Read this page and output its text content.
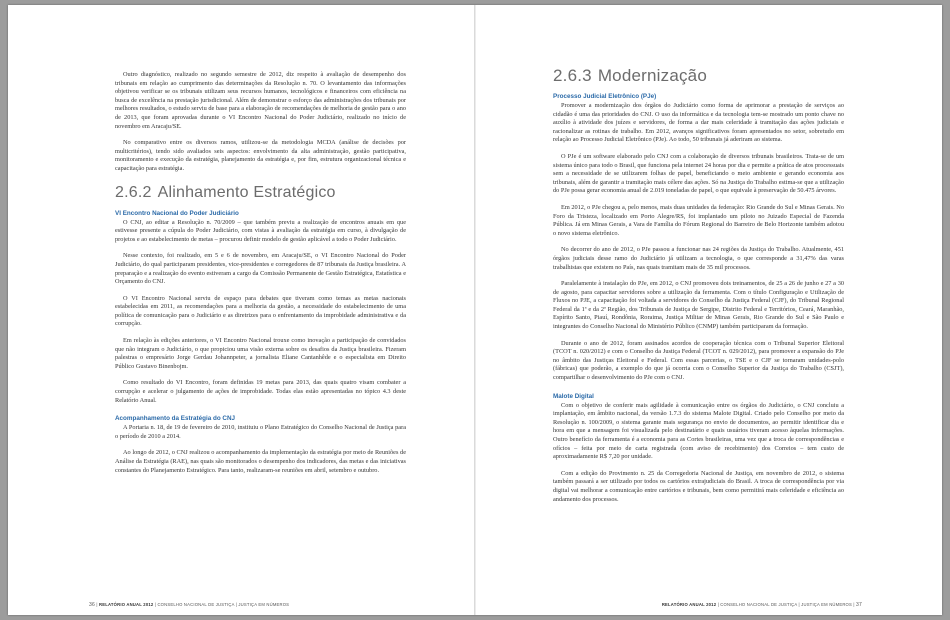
Outro diagnóstico, realizado no segundo semestre de 2012, diz respeito à avaliação de desempenho dos tribunais em relação ao cumprimento das determinações da Resolução n. 70. O levantamento das informações objetivou verificar se os tribunais utilizam seus recursos humanos, tecnológicos e financeiros com eficiência na busca de excelência na prestação jurisdicional. Além de demonstrar o esforço das administrações dos tribunais por melhores resultados, o estudo serviu de base para a elaboração de recomendações de melhoria de gestão para o ano de 2013, que foram aprovadas durante o VI Encontro Nacional do Poder Judiciário, realizado no início de novembro em Aracaju/SE.

No comparativo entre os diversos ramos, utilizou-se da metodologia MCDA (análise de decisões por multicritérios), tendo sido avaliados seis aspectos: envolvimento da alta administração, gestão participativa, monitoramento e execução da estratégia, planejamento da estratégia e, por fim, estrutura organizacional técnica e capacitação para estratégia.

2.6.2 Alinhamento Estratégico
VI Encontro Nacional do Poder Judiciário

O CNJ, ao editar a Resolução n. 70/2009 – que também previu a realização de encontros anuais em que estivesse presente a cúpula do Poder Judiciário, com vistas à avaliação da estratégia em curso, à divulgação de projetos e ao estabelecimento de metas – procurou definir modelo de gestão aplicável a todo o Poder Judiciário.

Nesse contexto, foi realizado, em 5 e 6 de novembro, em Aracaju/SE, o VI Encontro Nacional do Poder Judiciário, do qual participaram presidentes, vice-presidentes e corregedores de 87 tribunais da Justiça brasileira. A preparação e a realização do evento estiveram a cargo da Comissão Permanente de Gestão Estratégica, Estatística e Orçamento do CNJ.

O VI Encontro Nacional serviu de espaço para debates que tiveram como temas as metas nacionais estabelecidas em 2011, as recomendações para a melhoria da gestão, a necessidade do estabelecimento de uma política de comunicação para o Judiciário e as diretrizes para o enfrentamento da improbidade administrativa e da corrupção.

Em relação às edições anteriores, o VI Encontro Nacional trouxe como inovação a participação de convidados que não integram o Judiciário, o que propiciou uma visão externa sobre os desafios da Justiça brasileira. Fizeram palestras o empresário Jorge Gerdau Johannpeter, a jornalista Eliane Cantanhêde e o especialista em Direito Público Gustavo Binenbojm.

Como resultado do VI Encontro, foram definidas 19 metas para 2013, das quais quatro visam combater a corrupção e acelerar o julgamento de ações de improbidade. Todas elas estão apresentadas no tópico 4.3 deste Relatório Anual.

Acompanhamento da Estratégia do CNJ

A Portaria n. 18, de 19 de fevereiro de 2010, instituiu o Plano Estratégico do Conselho Nacional de Justiça para o período de 2010 a 2014.

Ao longo de 2012, o CNJ realizou o acompanhamento da implementação da estratégia por meio de Reuniões de Análise da Estratégia (RAE), nas quais são monitorados o desempenho dos indicadores, das metas e das iniciativas constantes do Planejamento Estratégico. Para tanto, realizaram-se reuniões em abril, setembro e outubro.

36 | RELATÓRIO ANUAL 2012 | CONSELHO NACIONAL DE JUSTIÇA | JUSTIÇA EM NÚMEROS
2.6.3 Modernização
Processo Judicial Eletrônico (PJe)

Promover a modernização dos órgãos do Judiciário como forma de aprimorar a prestação de serviços ao cidadão é uma das prioridades do CNJ. O uso da informática e da tecnologia tem-se mostrado um ponto chave no auxílio à atividade dos juízes e servidores, de forma a dar mais celeridade à tramitação das ações judiciais e racionalizar as rotinas de trabalho. Em 2012, avanços significativos foram apresentados no setor, sobretudo em relação ao Processo Judicial Eletrônico (PJe). Ao todo, 50 tribunais já aderiram ao sistema.

O PJe é um software elaborado pelo CNJ com a colaboração de diversos tribunais brasileiros. Trata-se de um sistema único para todo o Brasil, que funciona pela internet 24 horas por dia e permite a prática de atos processuais sem a necessidade de se utilizarem folhas de papel, beneficiando o meio ambiente e gerando economia aos tribunais, além de garantir a tramitação mais célere das ações. Só na Justiça do Trabalho estima-se que a utilização do PJe possa gerar economia anual de 2.019 toneladas de papel, o que equivale à preservação de 50.475 árvores.

Em 2012, o PJe chegou a, pelo menos, mais duas unidades da federação: Rio Grande do Sul e Minas Gerais. No Foro da Tristeza, localizado em Porto Alegre/RS, foi implantado um piloto no Juizado Especial de Fazenda Pública. Já em Minas Gerais, a Vara de Família do Fórum Regional do Barreiro de Belo Horizonte também adotou o novo sistema eletrônico.

No decorrer do ano de 2012, o PJe passou a funcionar nas 24 regiões da Justiça do Trabalho. Atualmente, 451 órgãos judiciais desse ramo do Judiciário já utilizam a tecnologia, o que corresponde a 31,47% das varas trabalhistas que existem no País, nas quais tramitam mais de 35 mil processos.

Paralelamente à instalação do PJe, em 2012, o CNJ promoveu dois treinamentos, de 25 a 26 de junho e 27 a 30 de agosto, para capacitar servidores sobre a utilização da ferramenta. Com o título Configuração e Utilização de Fluxos no PJE, a capacitação foi voltada a servidores do Conselho da Justiça Federal (CJF), do Tribunal Regional Federal da 1ª e da 2ª Região, dos Tribunais de Justiça de Sergipe, Distrito Federal e Territórios, Ceará, Maranhão, Espírito Santo, Piauí, Rondônia, Roraima, Justiça Militar de Minas Gerais, Rio Grande do Sul e São Paulo e integrantes do Conselho Nacional do Ministério Público (CNMP) também participaram da formação.

Durante o ano de 2012, foram assinados acordos de cooperação técnica com o Tribunal Superior Eleitoral (TCOT n. 020/2012) e com o Conselho da Justiça Federal (TCOT n. 029/2012), para promover a expansão do PJe no âmbito das Justiças Eleitoral e Federal. Com essas parcerias, o TSE e o CJF se tornaram unidades-polo (fábricas) que poderão, a exemplo do que já ocorria com o Conselho Superior da Justiça do Trabalho (CSJT), compartilhar o desenvolvimento do PJe com o CNJ.

Malote Digital

Com o objetivo de conferir mais agilidade à comunicação entre os órgãos do Judiciário, o CNJ concluiu a implantação, em âmbito nacional, da versão 1.7.3 do sistema Malote Digital. Criado pelo Conselho por meio da Resolução n. 100/2009, o sistema garante mais segurança no envio de documentos, ao permitir identificar dia e hora em que a mensagem foi visualizada pelo destinatário e quais usuários tiveram acesso àquelas informações. Outro benefício da ferramenta é a economia para as Cortes brasileiras, uma vez que a troca de correspondências e ofícios – feita por meio de carta registrada (com aviso de recebimento) dos Correios – tem custo de aproximadamente R$ 7,20 por unidade.

Com a edição do Provimento n. 25 da Corregedoria Nacional de Justiça, em novembro de 2012, o sistema também passará a ser utilizado por todos os cartórios extrajudiciais do Brasil. A troca de correspondência por via digital vai melhorar a comunicação entre cartórios e tribunais, bem como permitirá mais celeridade e eficiência ao andamento dos processos.

RELATÓRIO ANUAL 2012 | CONSELHO NACIONAL DE JUSTIÇA | JUSTIÇA EM NÚMEROS | 37
